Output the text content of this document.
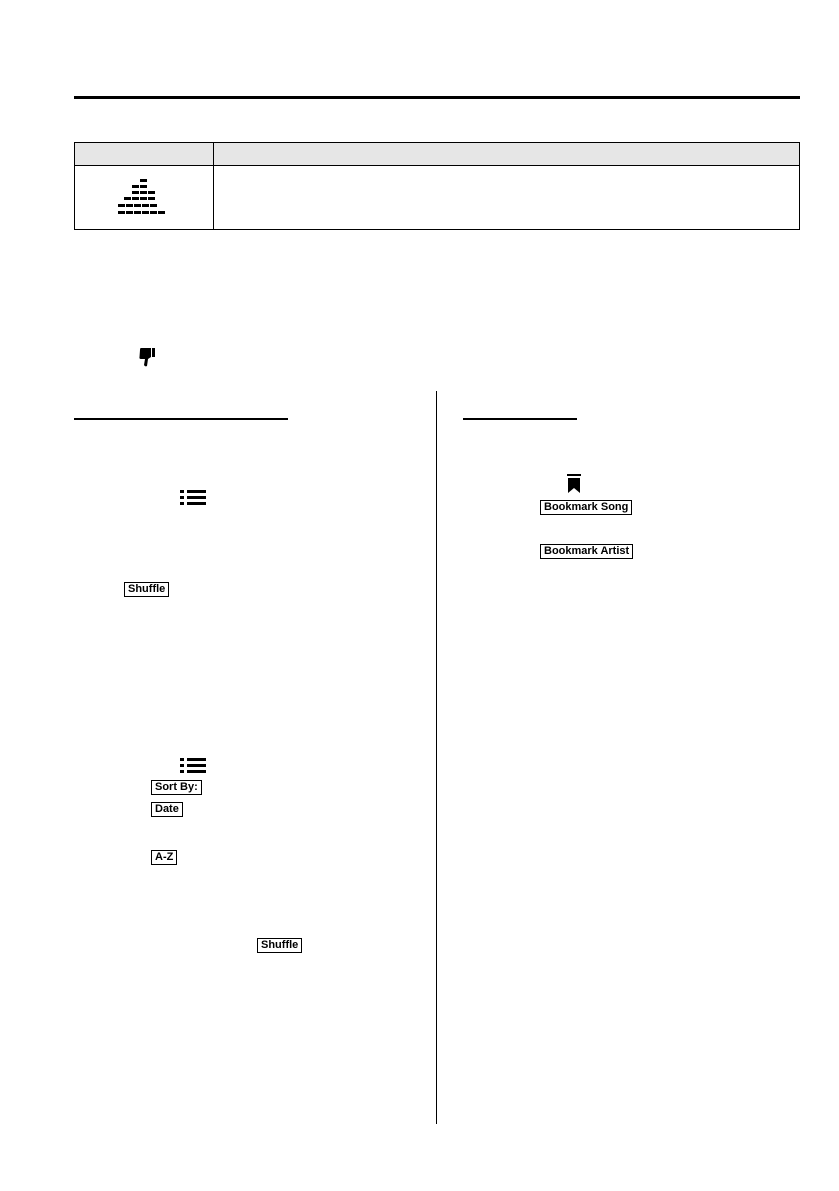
Shuffle
Sort By:
Date
A-Z
Shuffle
Bookmark Song
Bookmark Artist
